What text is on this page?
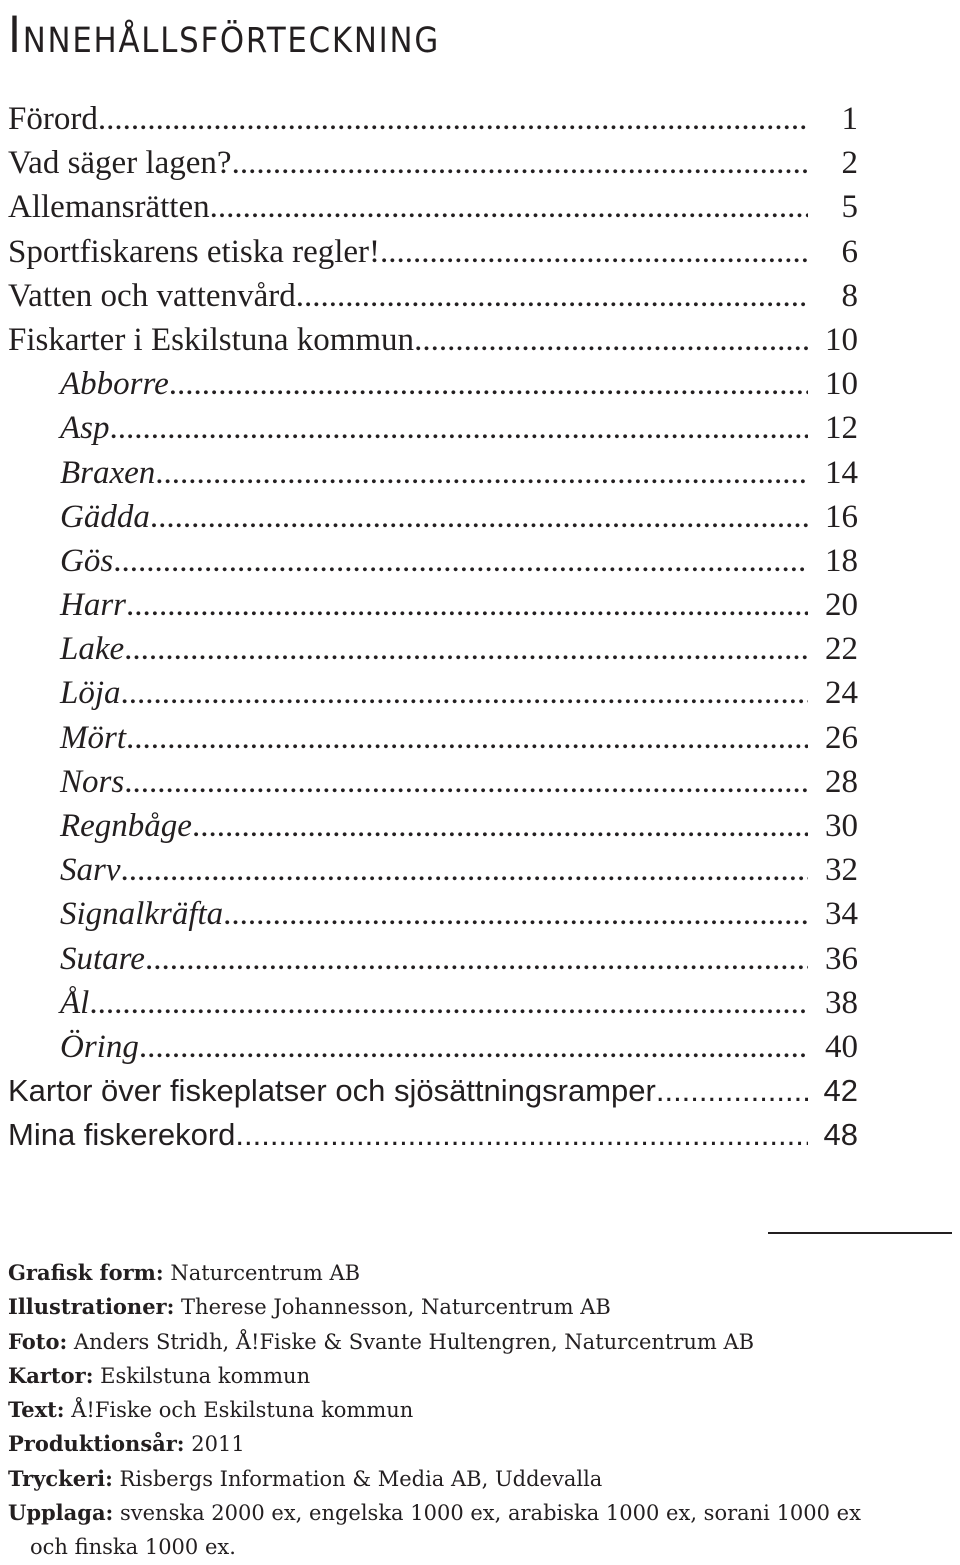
Innehållsförteckning
Förord .....	1
Vad säger lagen? .....	2
Allemansrätten .....	5
Sportfiskarens etiska regler! .....	6
Vatten och vattenvård .....	8
Fiskarter i Eskilstuna kommun .....	10
Abborre .....	10
Asp .....	12
Braxen .....	14
Gädda .....	16
Gös .....	18
Harr .....	20
Lake .....	22
Löja .....	24
Mört .....	26
Nors .....	28
Regnbåge .....	30
Sarv .....	32
Signalkräfta .....	34
Sutare .....	36
Ål .....	38
Öring .....	40
Kartor över fiskeplatser och sjösättningsramper .....	42
Mina fiskerekord .....	48
Grafisk form: Naturcentrum AB
Illustrationer: Therese Johannesson, Naturcentrum AB
Foto: Anders Stridh, Å!Fiske & Svante Hultengren, Naturcentrum AB
Kartor: Eskilstuna kommun
Text: Å!Fiske och Eskilstuna kommun
Produktionsår: 2011
Tryckeri: Risbergs Information & Media AB, Uddevalla
Upplaga: svenska 2000 ex, engelska 1000 ex, arabiska 1000 ex, sorani 1000 ex
och finska 1000 ex.
